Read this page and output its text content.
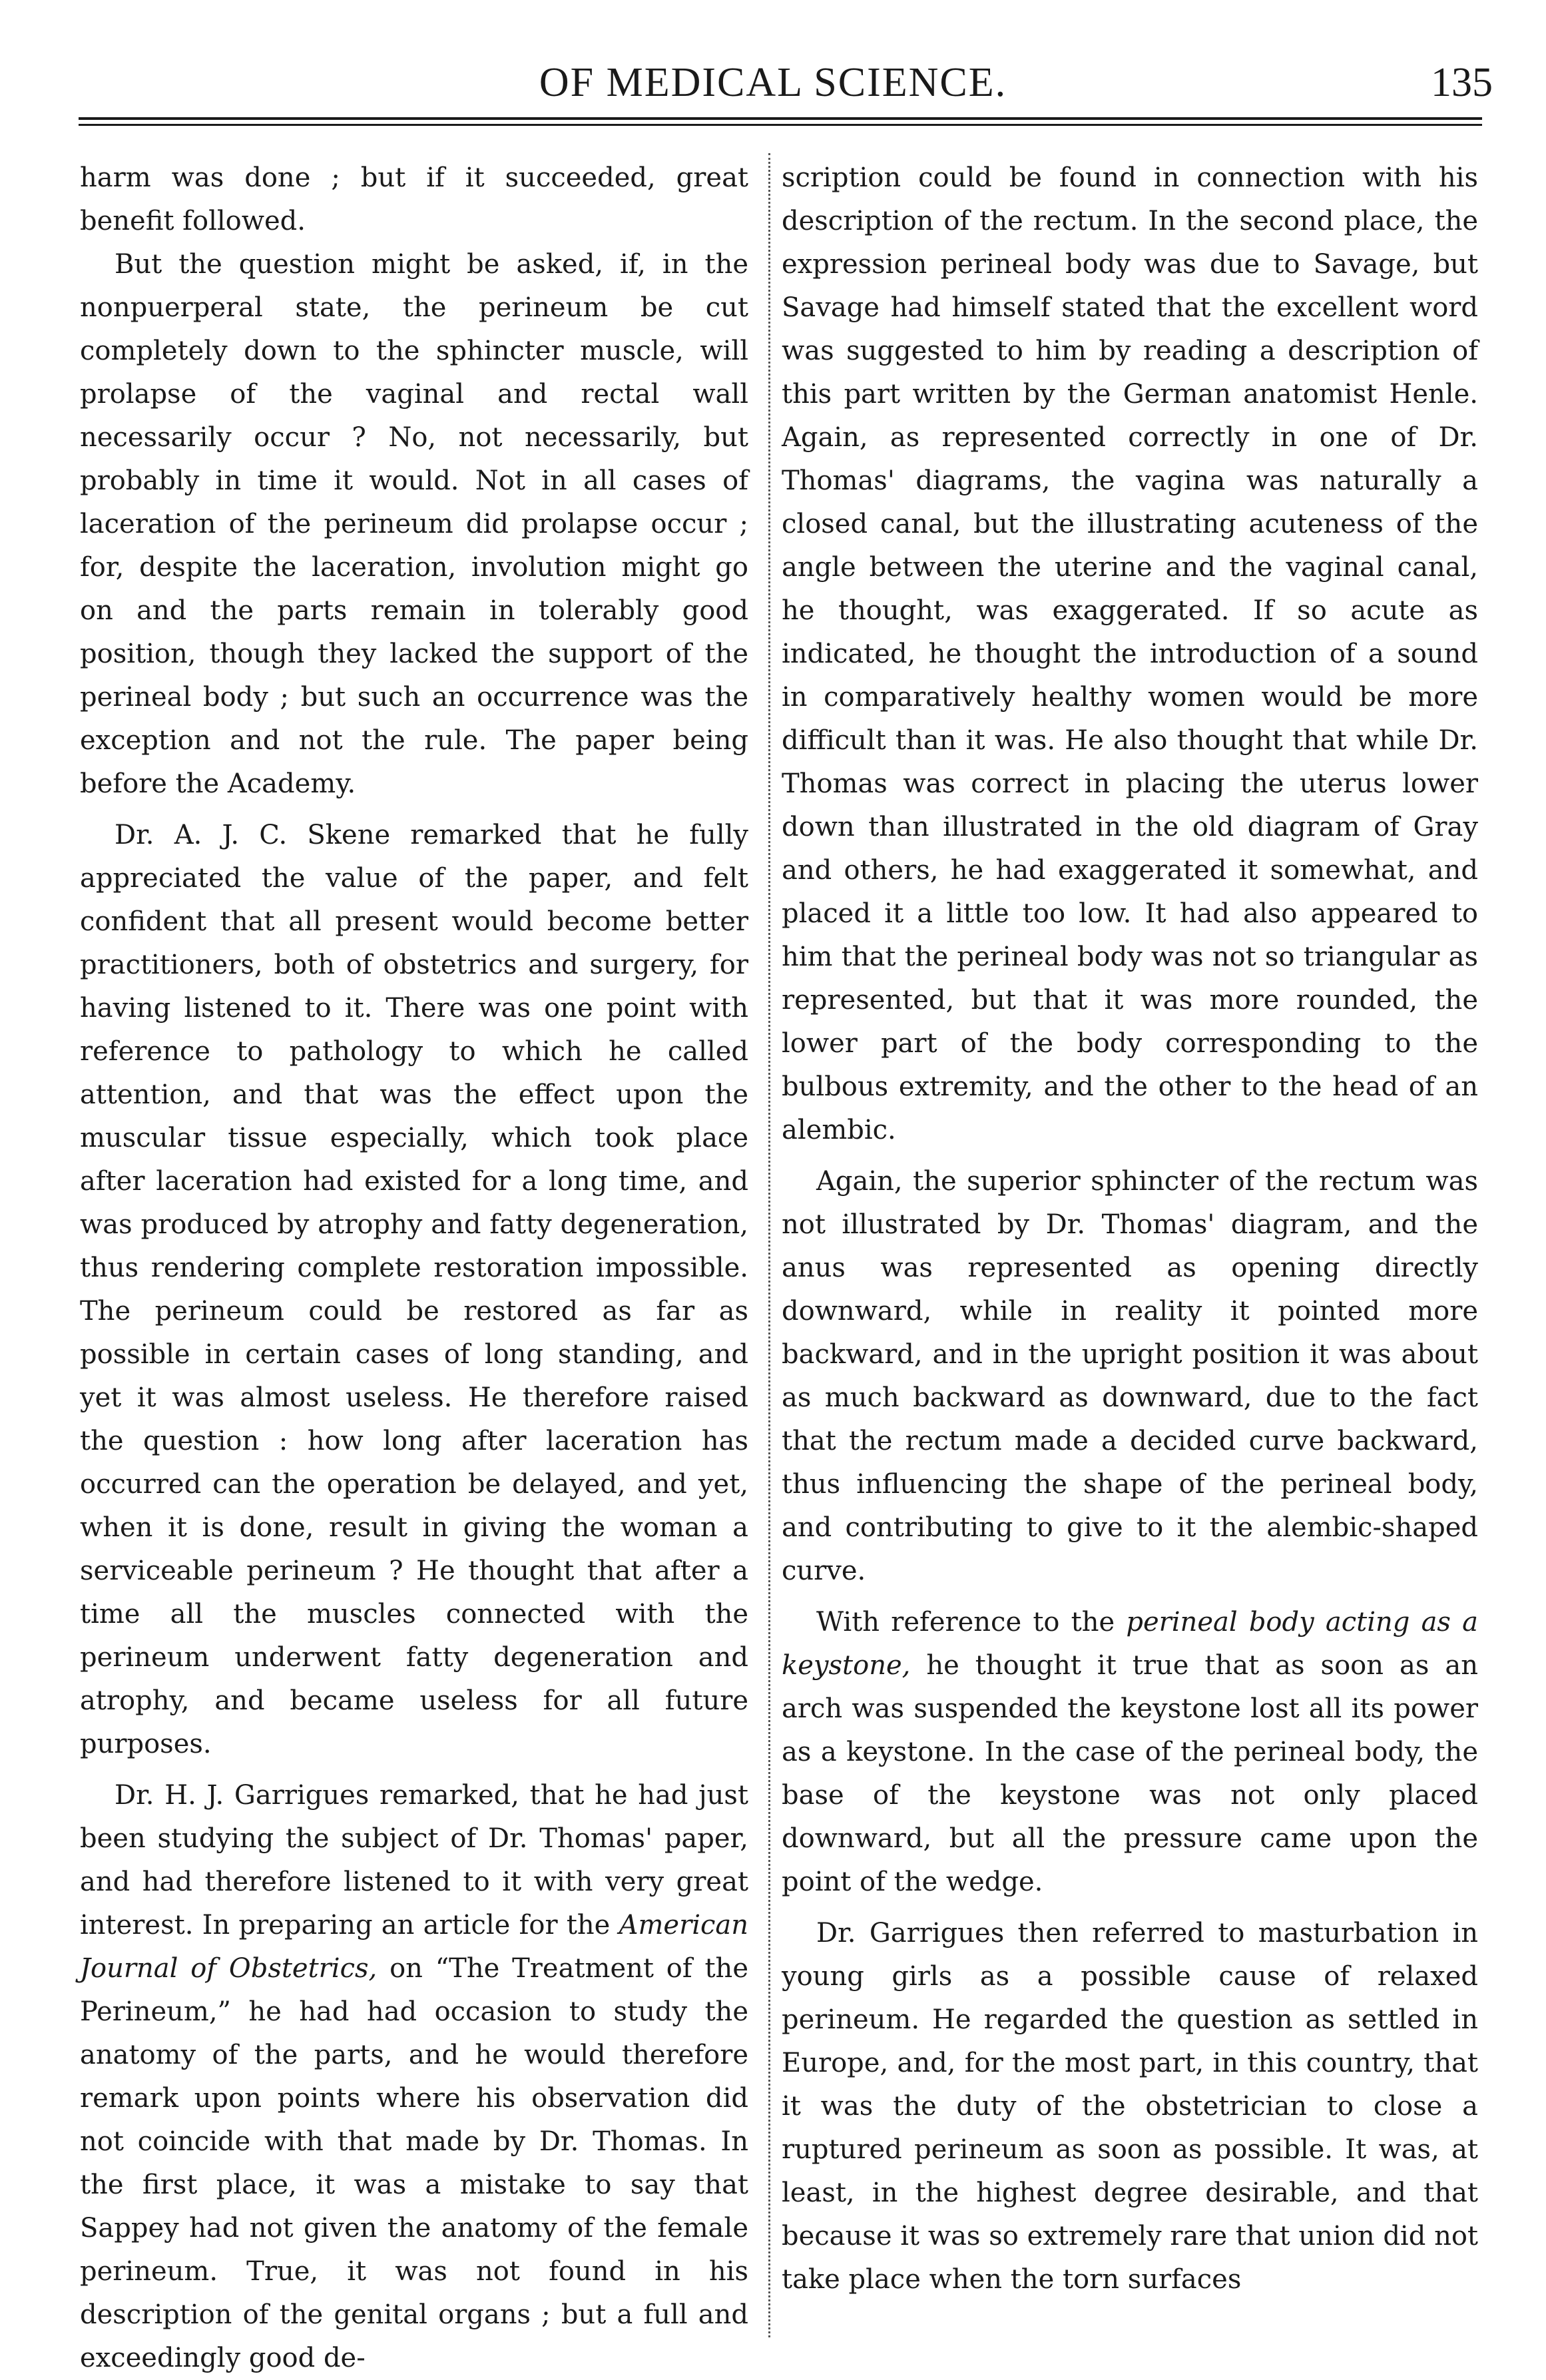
OF MEDICAL SCIENCE.	135

harm was done ; but if it succeeded, great benefit followed.

But the question might be asked, if, in the nonpuerperal state, the perineum be cut completely down to the sphincter muscle, will prolapse of the vaginal and rectal wall necessarily occur ? No, not necessarily, but probably in time it would. Not in all cases of laceration of the perineum did prolapse occur ; for, despite the laceration, involution might go on and the parts remain in tolerably good position, though they lacked the support of the perineal body ; but such an occurrence was the exception and not the rule. The paper being before the Academy.

Dr. A. J. C. Skene remarked that he fully appreciated the value of the paper, and felt confident that all present would become better practitioners, both of obstetrics and surgery, for having listened to it. There was one point with reference to pathology to which he called attention, and that was the effect upon the muscular tissue especially, which took place after laceration had existed for a long time, and was produced by atrophy and fatty degeneration, thus rendering complete restoration impossible. The perineum could be restored as far as possible in certain cases of long standing, and yet it was almost useless. He therefore raised the question : how long after laceration has occurred can the operation be delayed, and yet, when it is done, result in giving the woman a serviceable perineum ? He thought that after a time all the muscles connected with the perineum underwent fatty degeneration and atrophy, and became useless for all future purposes.

Dr. H. J. Garrigues remarked, that he had just been studying the subject of Dr. Thomas' paper, and had therefore listened to it with very great interest. In preparing an article for the American Journal of Obstetrics, on “The Treatment of the Perineum,” he had had occasion to study the anatomy of the parts, and he would therefore remark upon points where his observation did not coincide with that made by Dr. Thomas. In the first place, it was a mistake to say that Sappey had not given the anatomy of the female perineum. True, it was not found in his description of the genital organs ; but a full and exceedingly good de-

scription could be found in connection with his description of the rectum. In the second place, the expression perineal body was due to Savage, but Savage had himself stated that the excellent word was suggested to him by reading a description of this part written by the German anatomist Henle. Again, as represented correctly in one of Dr. Thomas' diagrams, the vagina was naturally a closed canal, but the illustrating acuteness of the angle between the uterine and the vaginal canal, he thought, was exaggerated. If so acute as indicated, he thought the introduction of a sound in comparatively healthy women would be more difficult than it was. He also thought that while Dr. Thomas was correct in placing the uterus lower down than illustrated in the old diagram of Gray and others, he had exaggerated it somewhat, and placed it a little too low. It had also appeared to him that the perineal body was not so triangular as represented, but that it was more rounded, the lower part of the body corresponding to the bulbous extremity, and the other to the head of an alembic.

Again, the superior sphincter of the rectum was not illustrated by Dr. Thomas' diagram, and the anus was represented as opening directly downward, while in reality it pointed more backward, and in the upright position it was about as much backward as downward, due to the fact that the rectum made a decided curve backward, thus influencing the shape of the perineal body, and contributing to give to it the alembic-shaped curve.

With reference to the perineal body acting as a keystone, he thought it true that as soon as an arch was suspended the keystone lost all its power as a keystone. In the case of the perineal body, the base of the keystone was not only placed downward, but all the pressure came upon the point of the wedge.

Dr. Garrigues then referred to masturbation in young girls as a possible cause of relaxed perineum. He regarded the question as settled in Europe, and, for the most part, in this country, that it was the duty of the obstetrician to close a ruptured perineum as soon as possible. It was, at least, in the highest degree desirable, and that because it was so extremely rare that union did not take place when the torn surfaces
